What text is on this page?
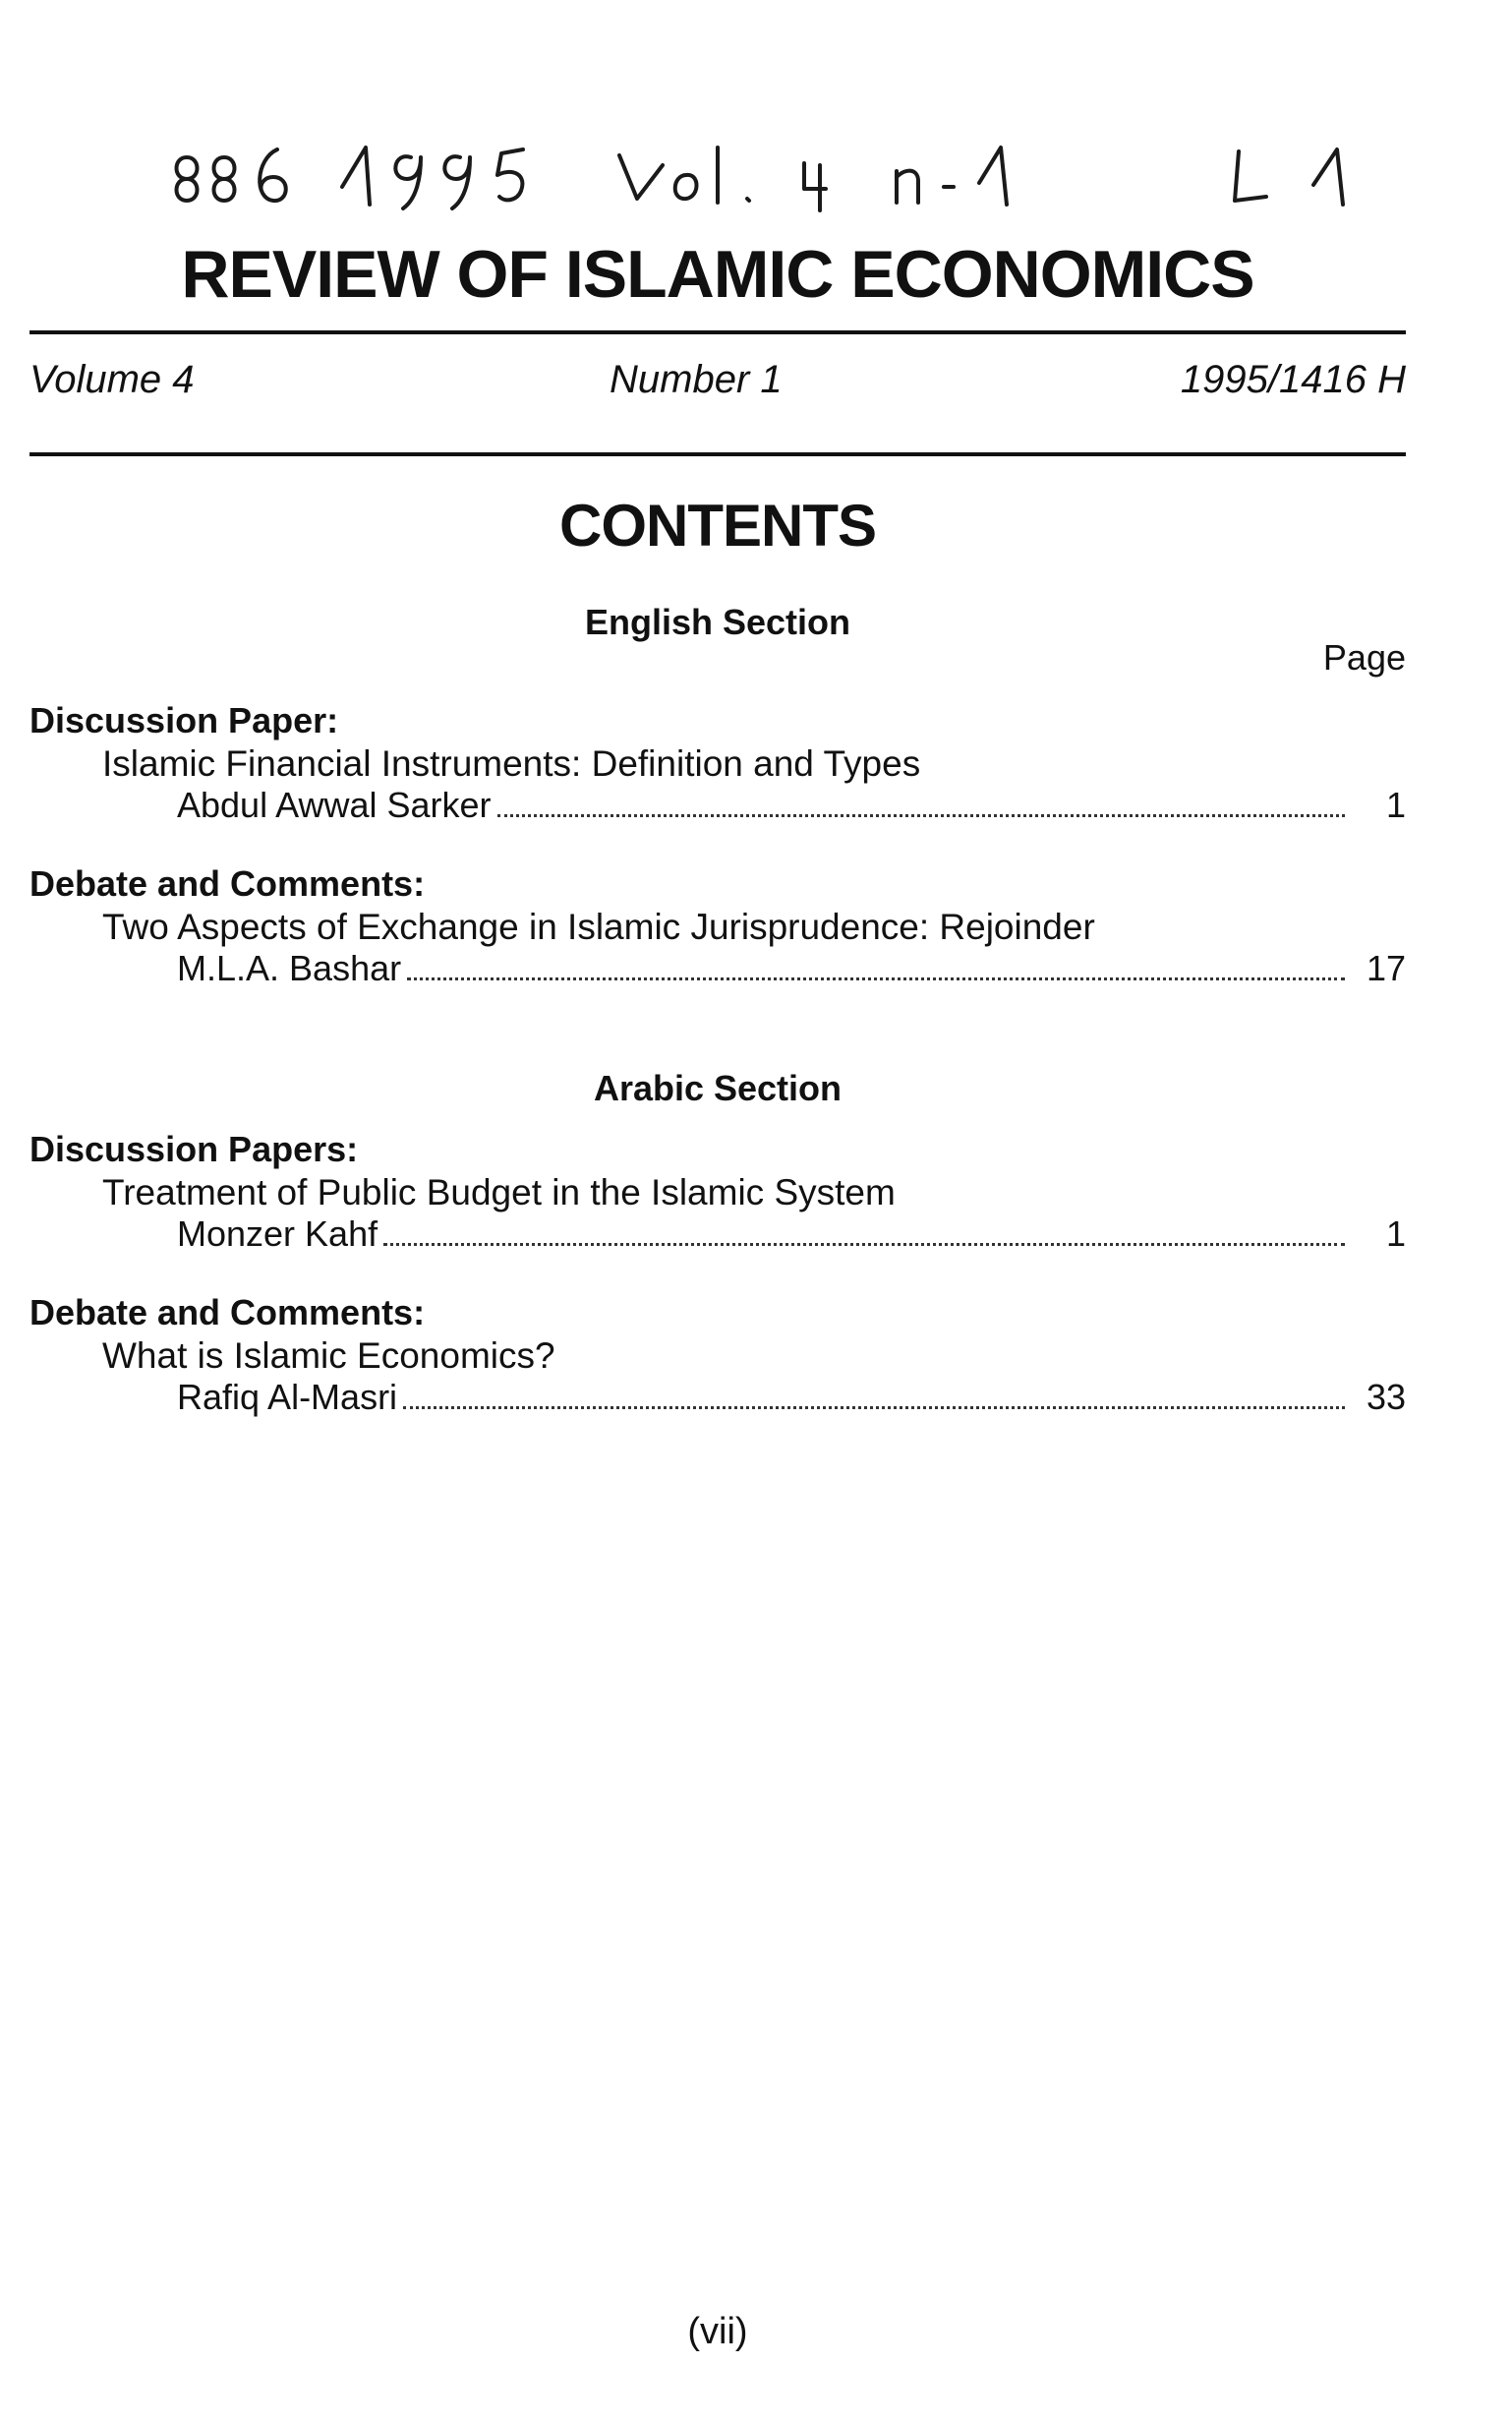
REVIEW OF ISLAMIC ECONOMICS
Volume 4	Number 1	1995/1416 H
CONTENTS
English Section
Page
Discussion Paper:
Islamic Financial Instruments: Definition and Types
Abdul Awwal Sarker	1
Debate and Comments:
Two Aspects of Exchange in Islamic Jurisprudence: Rejoinder
M.L.A. Bashar	17
Arabic Section
Discussion Papers:
Treatment of Public Budget in the Islamic System
Monzer Kahf	1
Debate and Comments:
What is Islamic Economics?
Rafiq Al-Masri	33
(vii)
